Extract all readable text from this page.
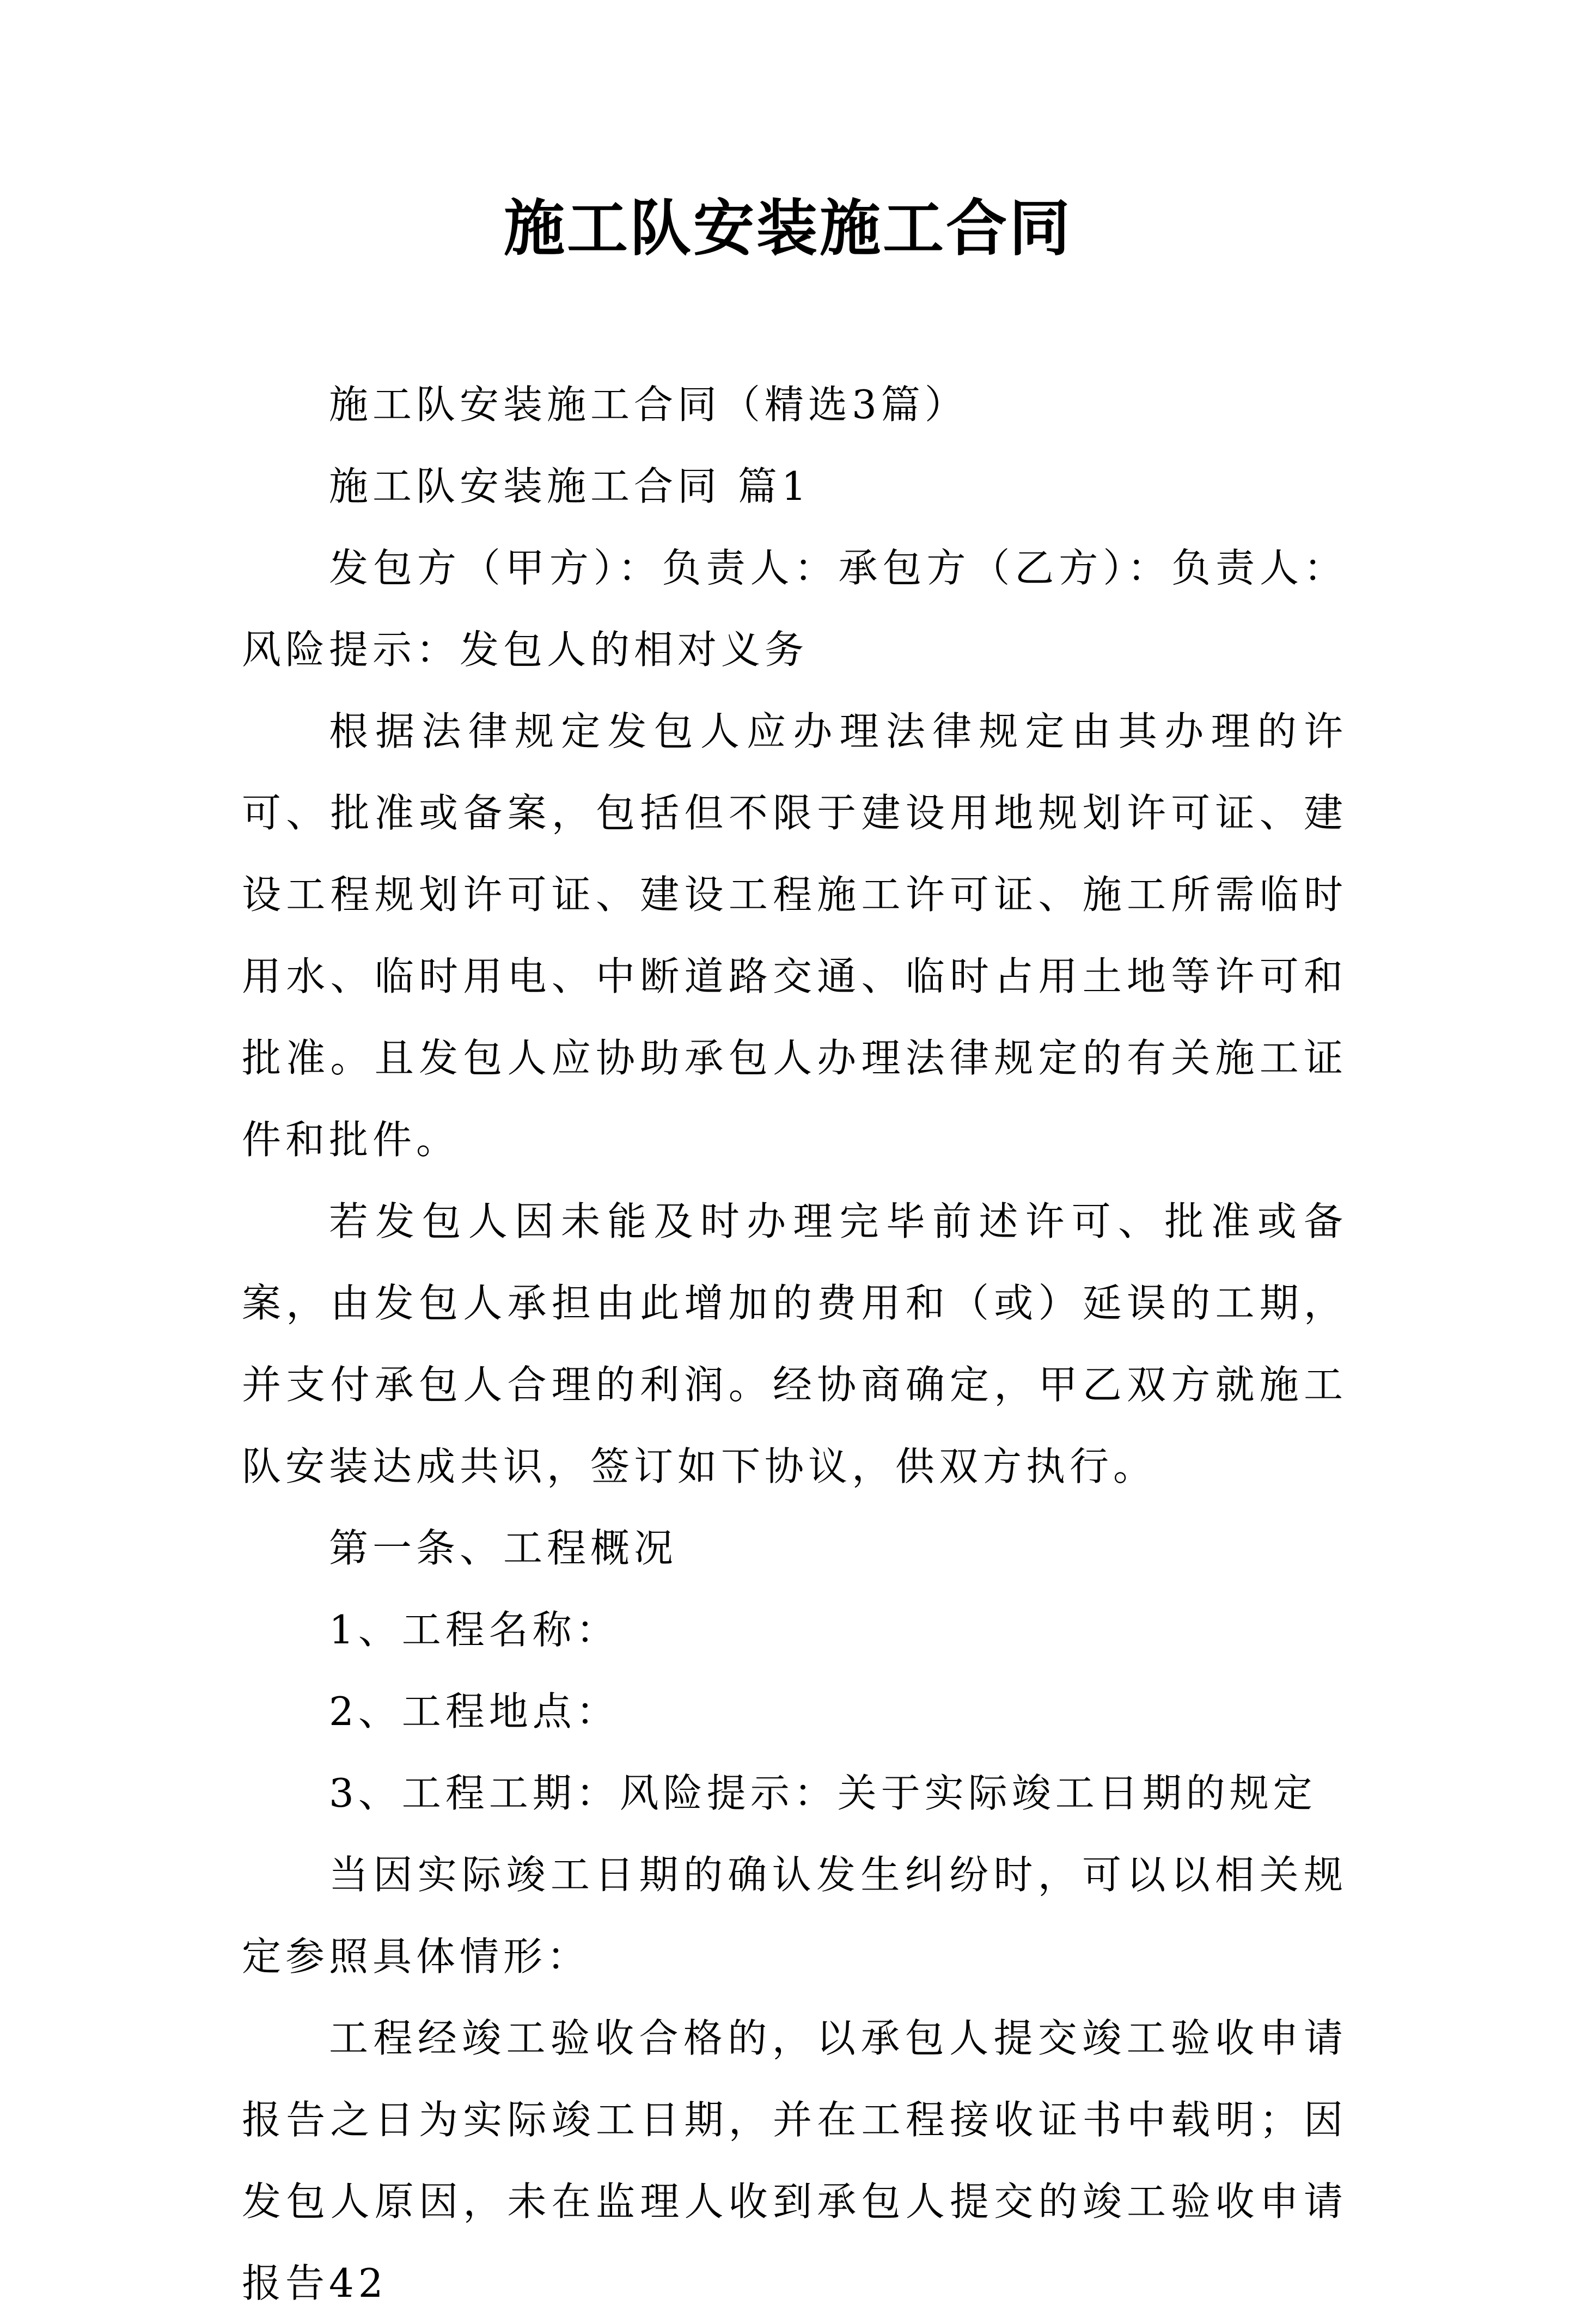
施工队安装施工合同

施工队安装施工合同（精选3篇）

施工队安装施工合同 篇1

发包方（甲方）：负责人：承包方（乙方）：负责人：风险提示：发包人的相对义务

根据法律规定发包人应办理法律规定由其办理的许可、批准或备案，包括但不限于建设用地规划许可证、建设工程规划许可证、建设工程施工许可证、施工所需临时用水、临时用电、中断道路交通、临时占用土地等许可和批准。且发包人应协助承包人办理法律规定的有关施工证件和批件。

若发包人因未能及时办理完毕前述许可、批准或备案，由发包人承担由此增加的费用和（或）延误的工期，并支付承包人合理的利润。经协商确定，甲乙双方就施工队安装达成共识，签订如下协议，供双方执行。

第一条、工程概况

1、工程名称：

2、工程地点：

3、工程工期：风险提示：关于实际竣工日期的规定

当因实际竣工日期的确认发生纠纷时，可以以相关规定参照具体情形：

工程经竣工验收合格的，以承包人提交竣工验收申请报告之日为实际竣工日期，并在工程接收证书中载明；因发包人原因，未在监理人收到承包人提交的竣工验收申请报告42
